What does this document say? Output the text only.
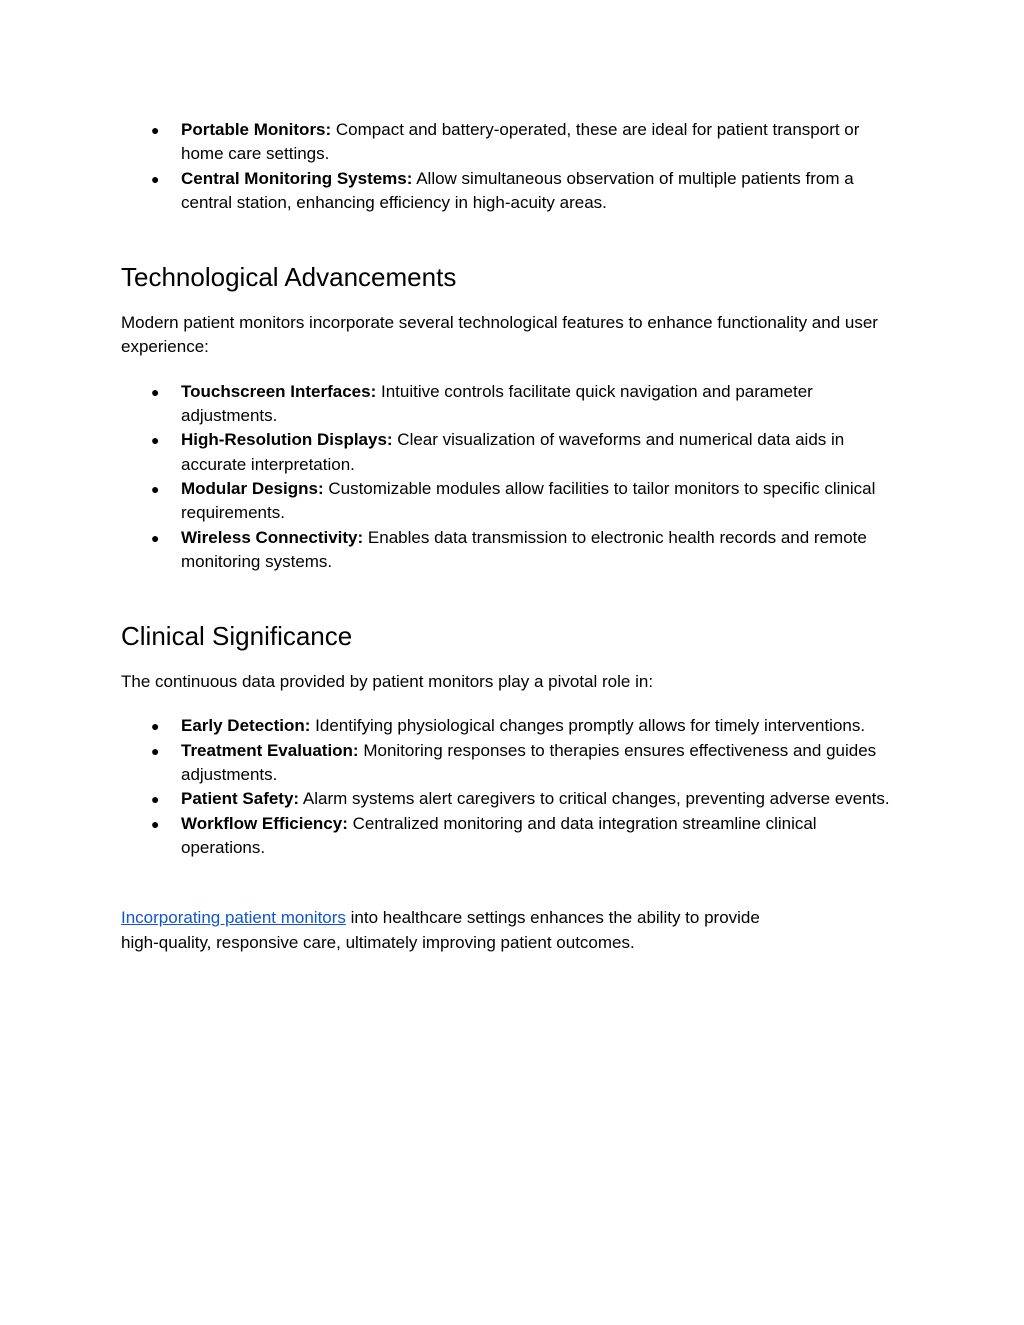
● Portable Monitors: Compact and battery-operated, these are ideal for patient transport or home care settings.
● Central Monitoring Systems: Allow simultaneous observation of multiple patients from a central station, enhancing efficiency in high-acuity areas.
Technological Advancements

Modern patient monitors incorporate several technological features to enhance functionality and user experience:

● Touchscreen Interfaces: Intuitive controls facilitate quick navigation and parameter adjustments.
● High-Resolution Displays: Clear visualization of waveforms and numerical data aids in accurate interpretation.
● Modular Designs: Customizable modules allow facilities to tailor monitors to specific clinical requirements.
● Wireless Connectivity: Enables data transmission to electronic health records and remote monitoring systems.
Clinical Significance

The continuous data provided by patient monitors play a pivotal role in:

● Early Detection: Identifying physiological changes promptly allows for timely interventions.
● Treatment Evaluation: Monitoring responses to therapies ensures effectiveness and guides adjustments.
● Patient Safety: Alarm systems alert caregivers to critical changes, preventing adverse events.
● Workflow Efficiency: Centralized monitoring and data integration streamline clinical operations.

Incorporating patient monitors into healthcare settings enhances the ability to provide
high-quality, responsive care, ultimately improving patient outcomes.
